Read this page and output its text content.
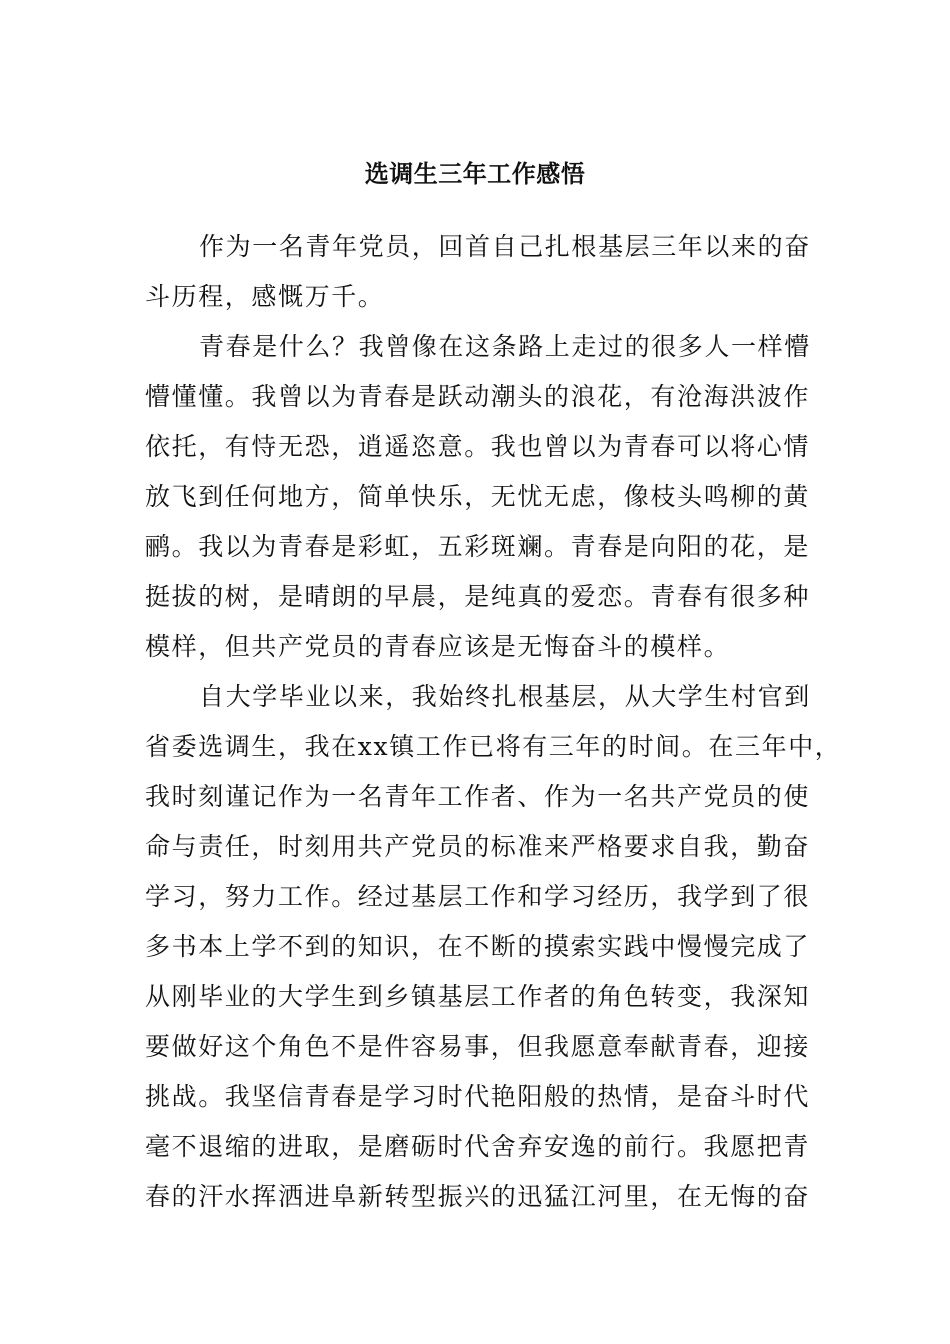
选调生三年工作感悟
作为一名青年党员，回首自己扎根基层三年以来的奋
斗历程，感慨万千。
青春是什么？我曾像在这条路上走过的很多人一样懵
懵懂懂。我曾以为青春是跃动潮头的浪花，有沧海洪波作
依托，有恃无恐，逍遥恣意。我也曾以为青春可以将心情
放飞到任何地方，简单快乐，无忧无虑，像枝头鸣柳的黄
鹂。我以为青春是彩虹，五彩斑斓。青春是向阳的花，是
挺拔的树，是晴朗的早晨，是纯真的爱恋。青春有很多种
模样，但共产党员的青春应该是无悔奋斗的模样。
自大学毕业以来，我始终扎根基层，从大学生村官到
省委选调生，我在xx镇工作已将有三年的时间。在三年中，
我时刻谨记作为一名青年工作者、作为一名共产党员的使
命与责任，时刻用共产党员的标准来严格要求自我，勤奋
学习，努力工作。经过基层工作和学习经历，我学到了很
多书本上学不到的知识，在不断的摸索实践中慢慢完成了
从刚毕业的大学生到乡镇基层工作者的角色转变，我深知
要做好这个角色不是件容易事，但我愿意奉献青春，迎接
挑战。我坚信青春是学习时代艳阳般的热情，是奋斗时代
毫不退缩的进取，是磨砺时代舍弃安逸的前行。我愿把青
春的汗水挥洒进阜新转型振兴的迅猛江河里，在无悔的奋
